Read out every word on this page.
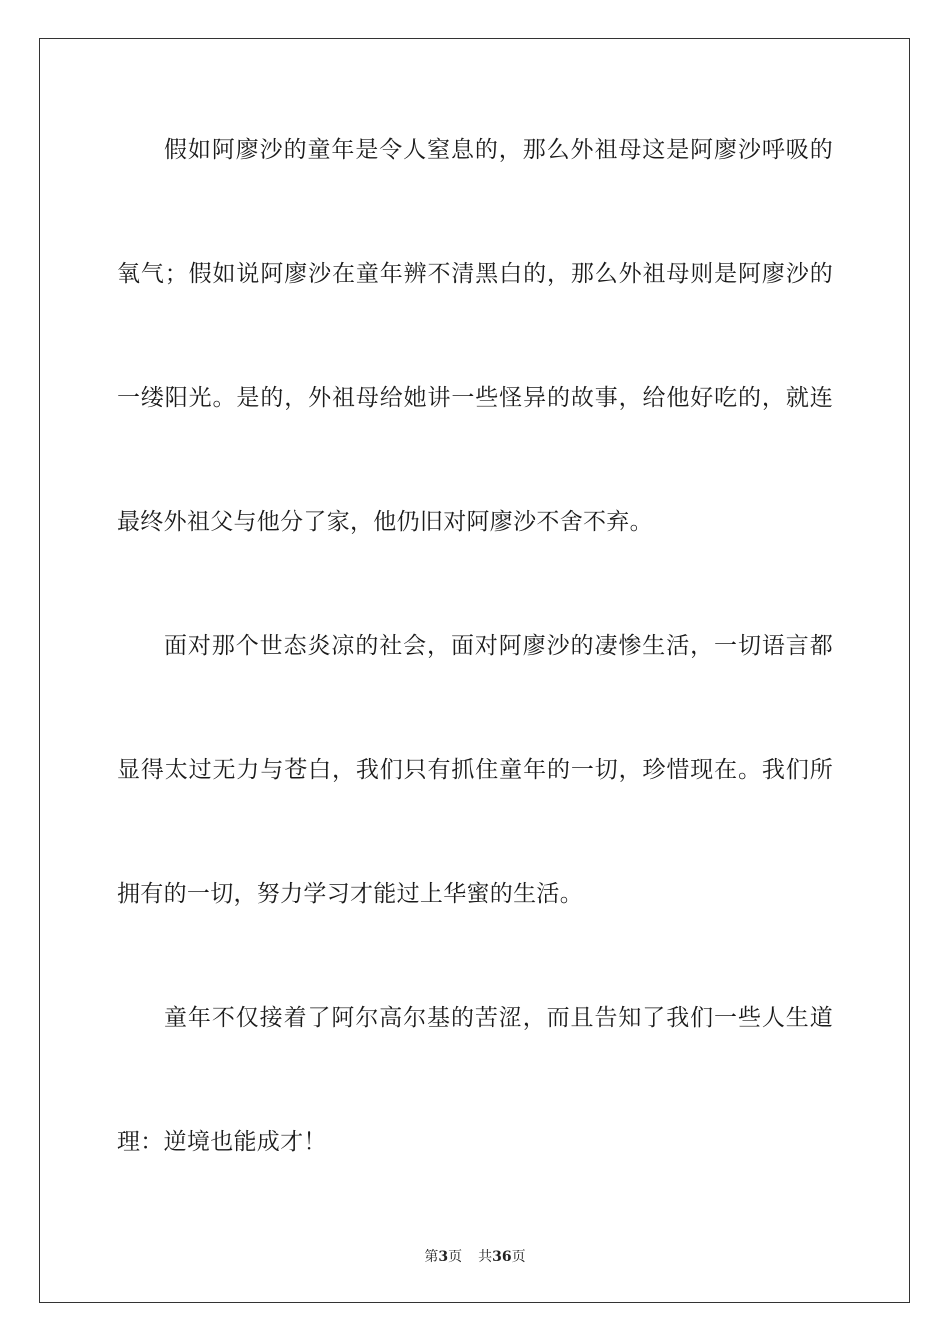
假如阿廖沙的童年是令人窒息的，那么外祖母这是阿廖沙呼吸的
氧气；假如说阿廖沙在童年辨不清黑白的，那么外祖母则是阿廖沙的
一缕阳光。是的，外祖母给她讲一些怪异的故事，给他好吃的，就连
最终外祖父与他分了家，他仍旧对阿廖沙不舍不弃。
面对那个世态炎凉的社会，面对阿廖沙的凄惨生活，一切语言都
显得太过无力与苍白，我们只有抓住童年的一切，珍惜现在。我们所
拥有的一切，努力学习才能过上华蜜的生活。
童年不仅接着了阿尔高尔基的苦涩，而且告知了我们一些人生道
理：逆境也能成才！
第3页 共36页
